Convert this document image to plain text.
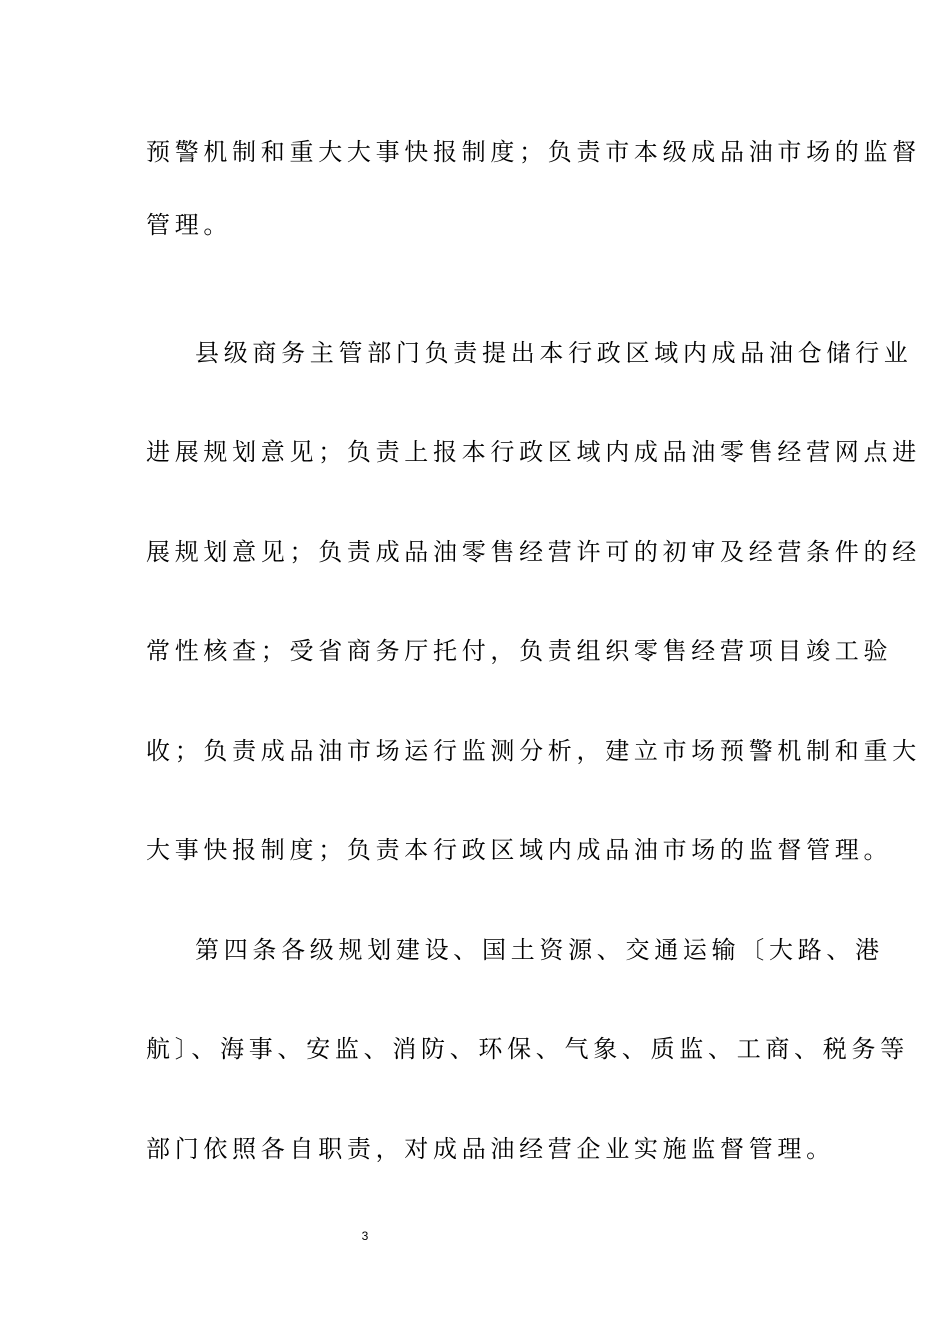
预警机制和重大大事快报制度；负责市本级成品油市场的监督
管理。
县级商务主管部门负责提出本行政区域内成品油仓储行业
进展规划意见；负责上报本行政区域内成品油零售经营网点进
展规划意见；负责成品油零售经营许可的初审及经营条件的经
常性核查；受省商务厅托付，负责组织零售经营项目竣工验
收；负责成品油市场运行监测分析，建立市场预警机制和重大
大事快报制度；负责本行政区域内成品油市场的监督管理。
第四条各级规划建设、国土资源、交通运输〔大路、港
航〕、海事、安监、消防、环保、气象、质监、工商、税务等
部门依照各自职责，对成品油经营企业实施监督管理。
3
